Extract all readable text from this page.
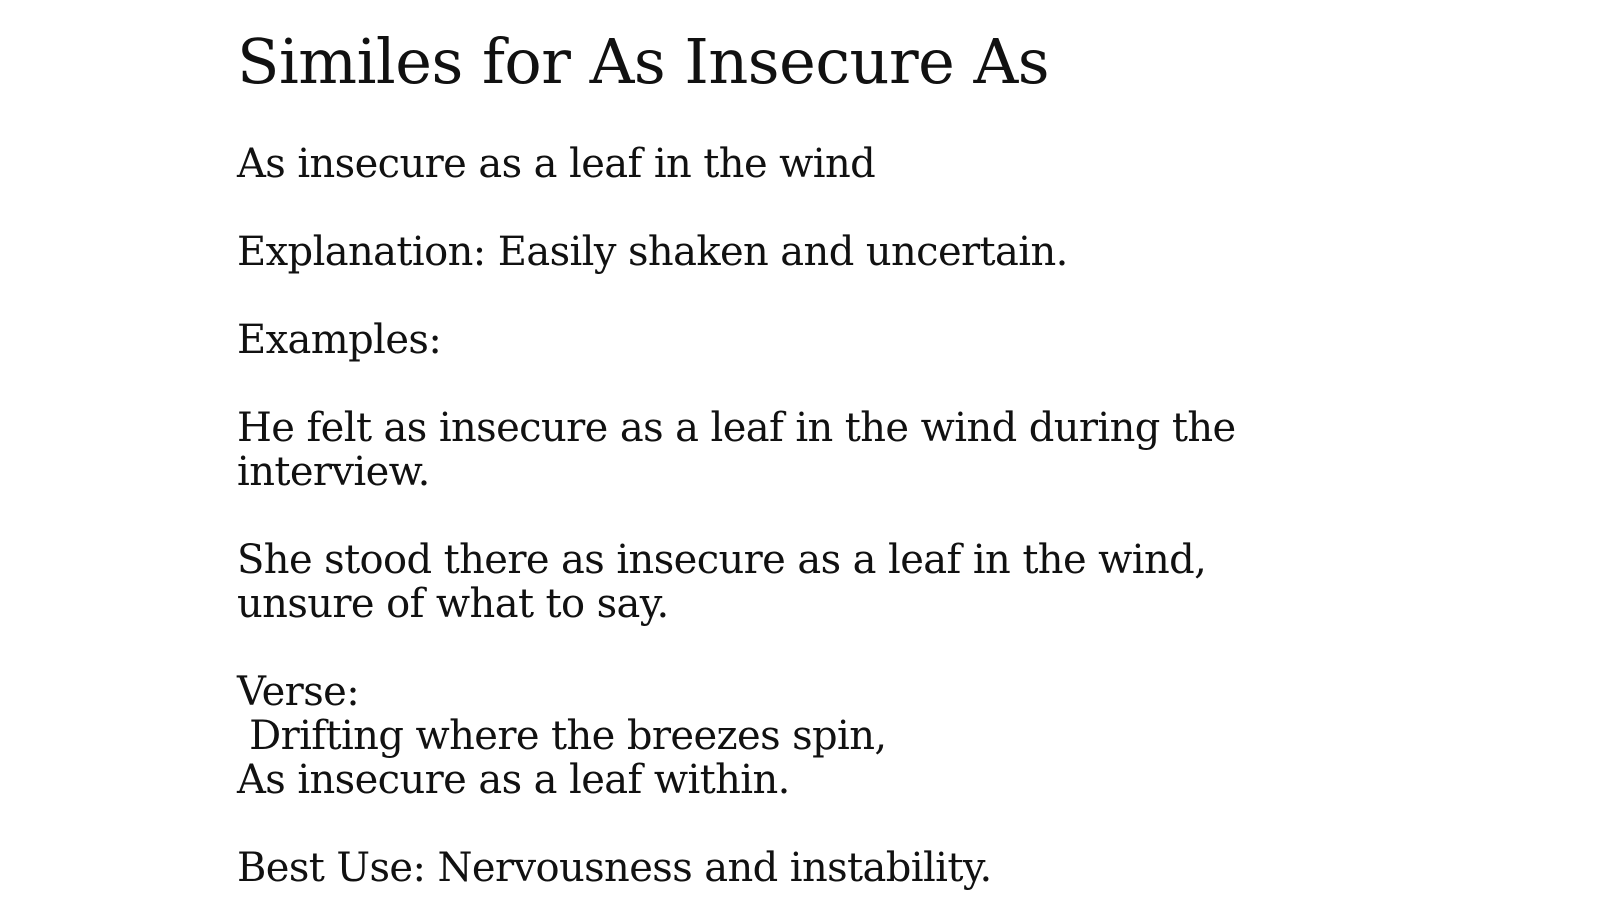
Similes for As Insecure As

As insecure as a leaf in the wind

Explanation: Easily shaken and uncertain.

Examples:

He felt as insecure as a leaf in the wind during the interview.

She stood there as insecure as a leaf in the wind, unsure of what to say.

Verse:
Drifting where the breezes spin,
As insecure as a leaf within.

Best Use: Nervousness and instability.
